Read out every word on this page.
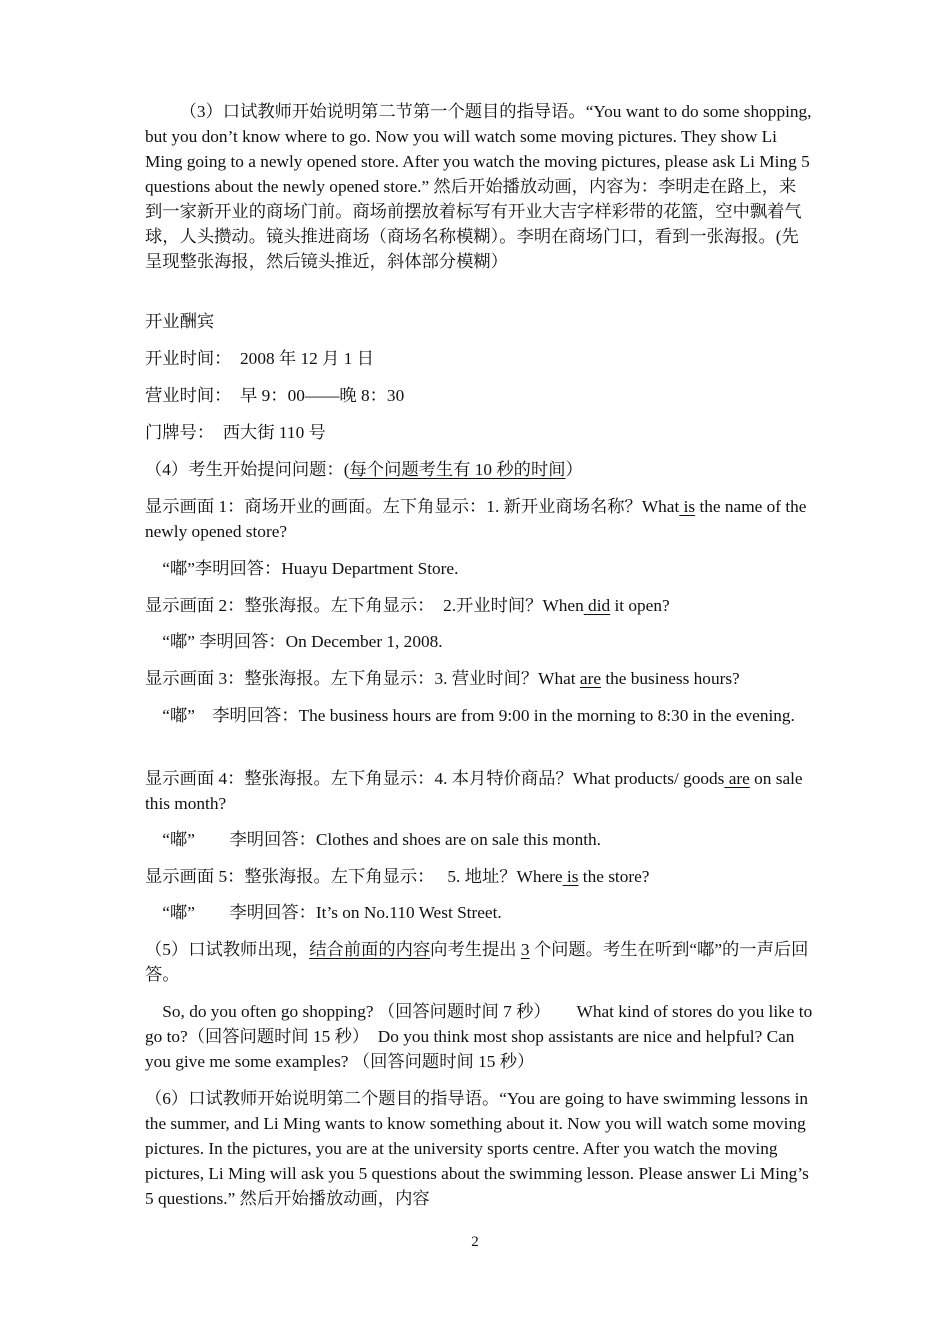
（3）口试教师开始说明第二节第一个题目的指导语。“You want to do some shopping, but you don’t know where to go. Now you will watch some moving pictures. They show Li Ming going to a newly opened store. After you watch the moving pictures, please ask Li Ming 5 questions about the newly opened store.” 然后开始播放动画，内容为：李明走在路上，来到一家新开业的商场门前。商场前摆放着标写有开业大吉字样彩带的花篮，空中飘着气球，人头攒动。镜头推进商场（商场名称模糊）。李明在商场门口，看到一张海报。(先呈现整张海报，然后镜头推近，斜体部分模糊）

开业酬宾

开业时间：　2008 年 12 月 1 日

营业时间：　早 9：00——晚 8：30

门牌号：　西大街 110 号

（4）考生开始提问问题：(每个问题考生有 10 秒的时间）

显示画面 1：商场开业的画面。左下角显示：1. 新开业商场名称？What is the name of the newly opened store?

“嘟”李明回答：Huayu Department Store.

显示画面 2：整张海报。左下角显示：　2.开业时间？When did it open?

“嘟” 李明回答：On December 1, 2008.

显示画面 3：整张海报。左下角显示：3. 营业时间？What are the business hours?

“嘟”　李明回答：The business hours are from 9:00 in the morning to 8:30 in the evening.

显示画面 4：整张海报。左下角显示：4. 本月特价商品？What products/ goods are on sale this month?

“嘟”　　李明回答：Clothes and shoes are on sale this month.

显示画面 5：整张海报。左下角显示：　 5. 地址？Where is the store?

“嘟”　　李明回答：It’s on No.110 West Street.

（5）口试教师出现，结合前面的内容向考生提出 3 个问题。考生在听到“嘟”的一声后回答。

So, do you often go shopping? （回答问题时间 7 秒）　　What kind of stores do you like to go to?（回答问题时间 15 秒）　Do you think most shop assistants are nice and helpful? Can you give me some examples? （回答问题时间 15 秒）

（6）口试教师开始说明第二个题目的指导语。“You are going to have swimming lessons in the summer, and Li Ming wants to know something about it. Now you will watch some moving pictures. In the pictures, you are at the university sports centre. After you watch the moving pictures, Li Ming will ask you 5 questions about the swimming lesson. Please answer Li Ming’s 5 questions.” 然后开始播放动画，内容

2
